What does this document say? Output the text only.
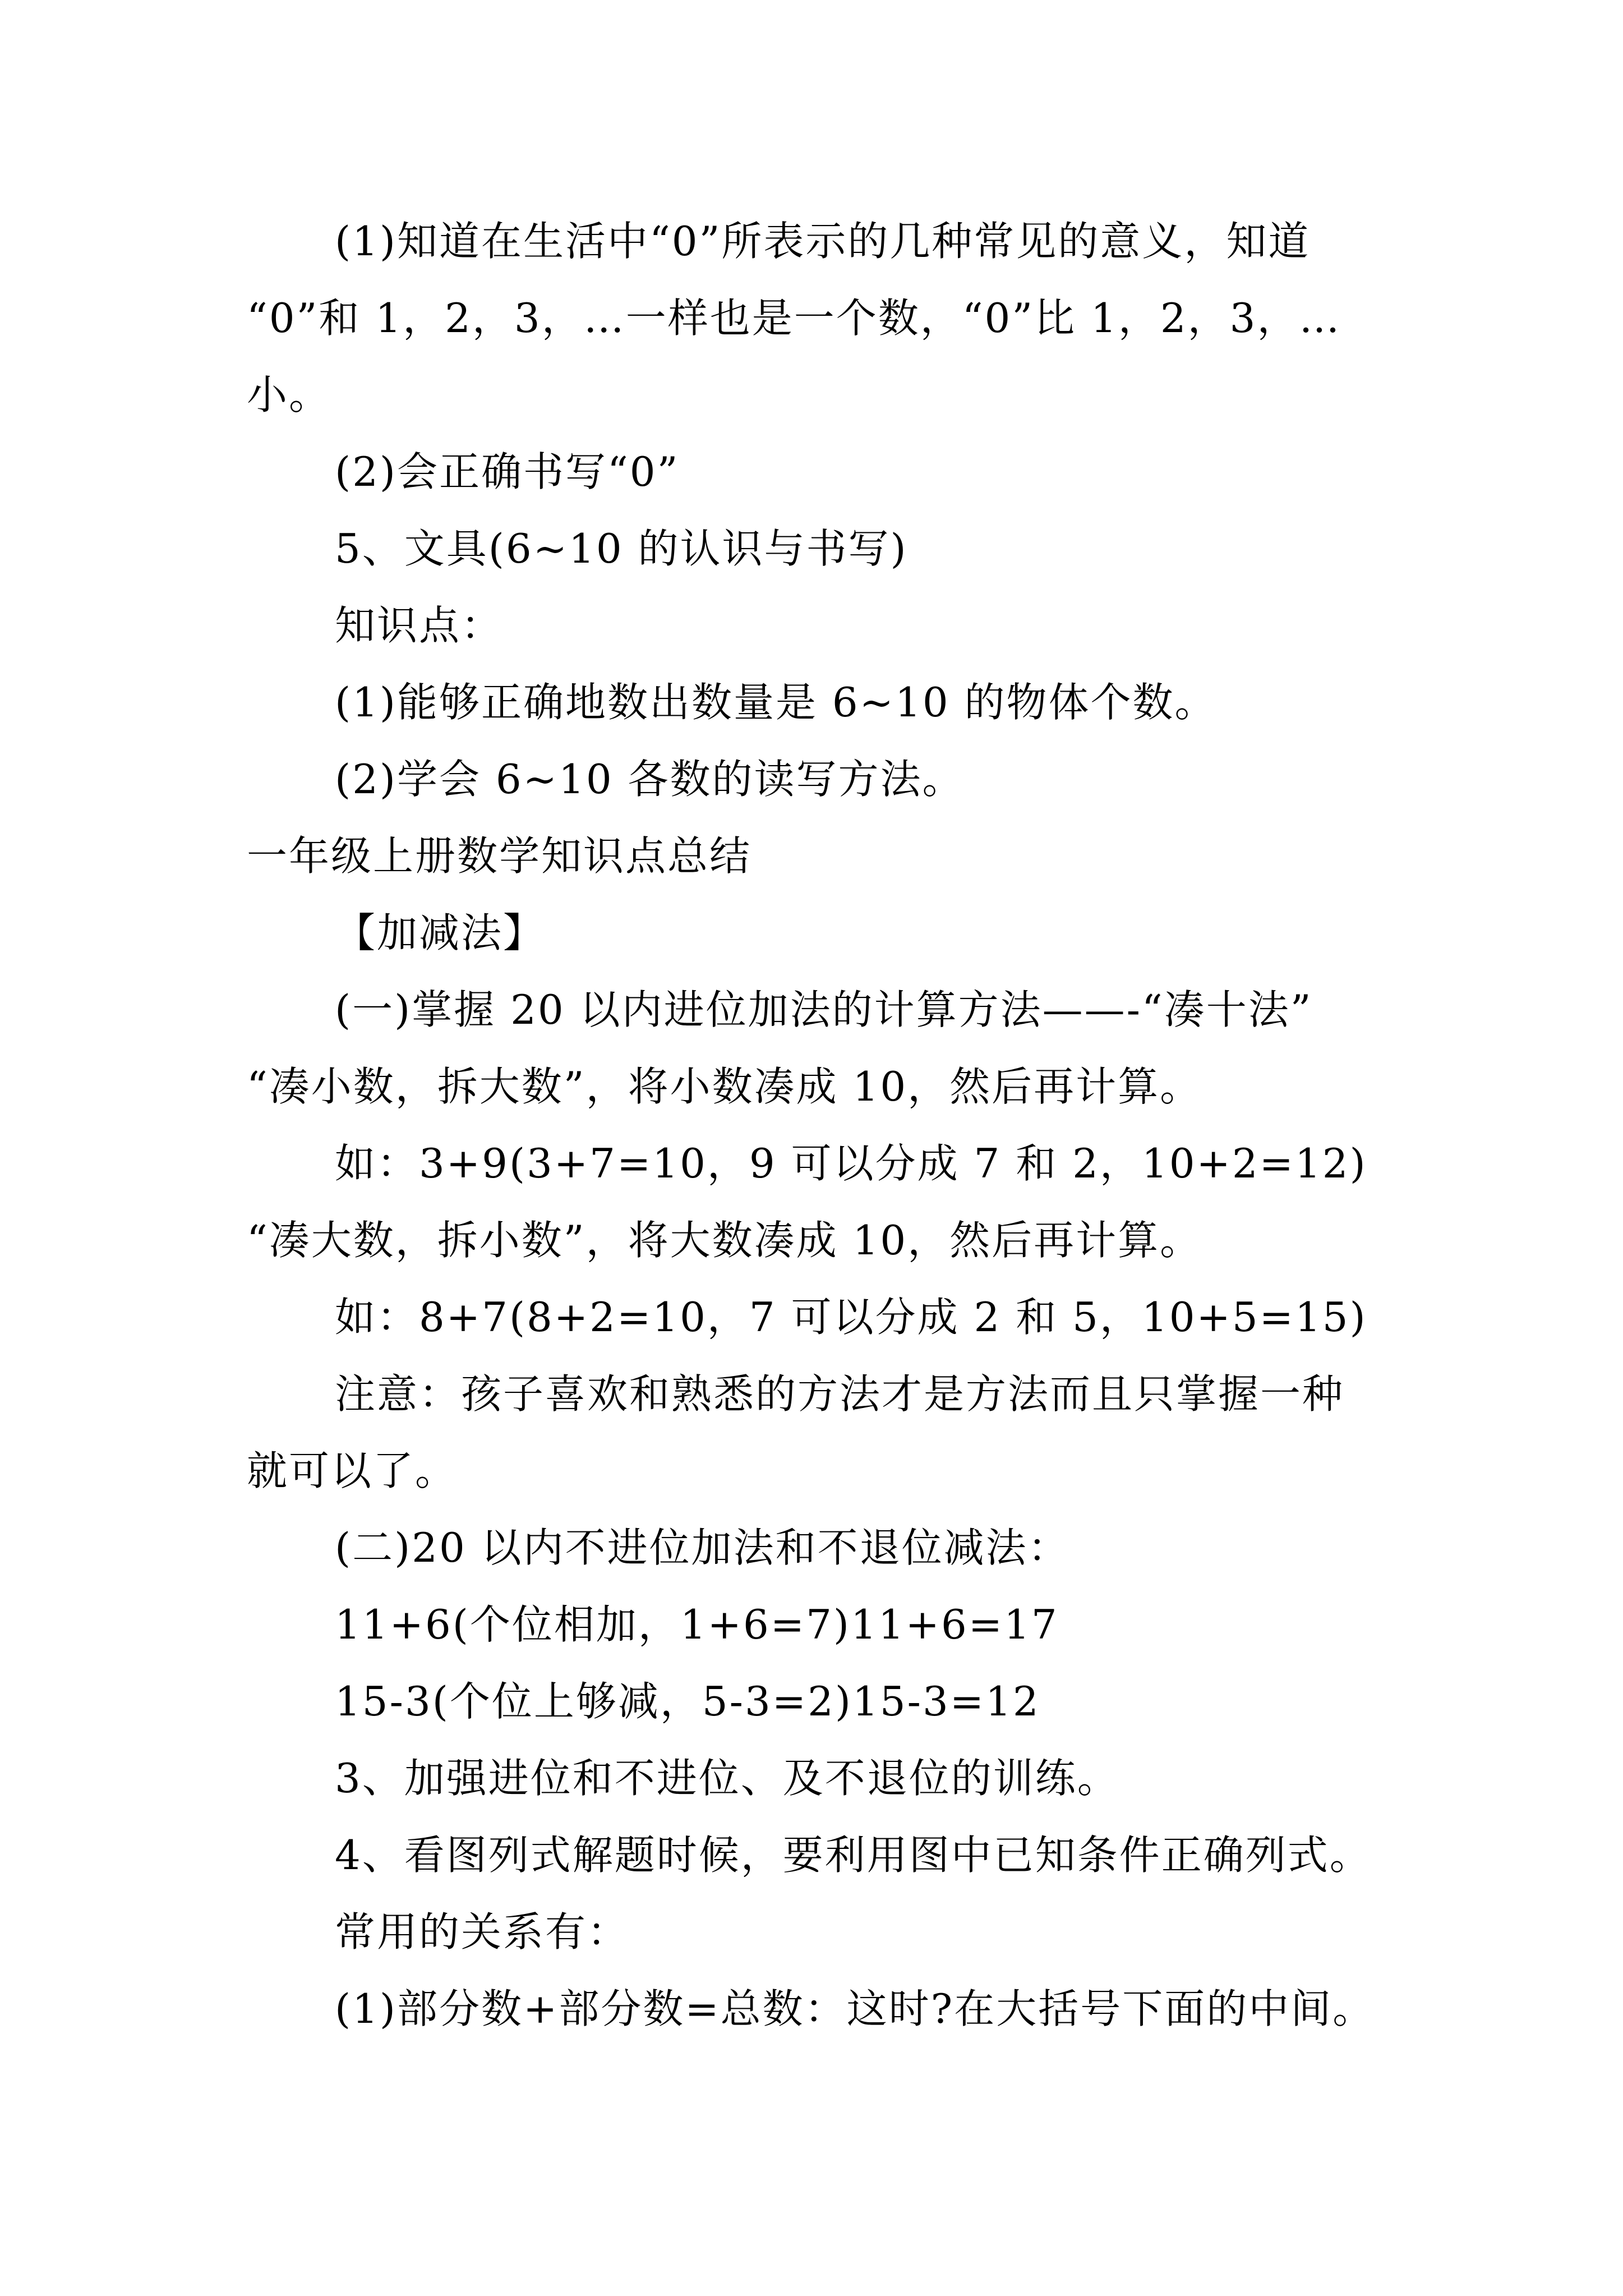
(1)知道在生活中“0”所表示的几种常见的意义，知道
“0”和 1，2，3，…一样也是一个数，“0”比 1，2，3，…
小。
(2)会正确书写“0”
5、文具(6~10 的认识与书写)
知识点：
(1)能够正确地数出数量是 6~10 的物体个数。
(2)学会 6~10 各数的读写方法。
一年级上册数学知识点总结
【加减法】
(一)掌握 20 以内进位加法的计算方法——-“凑十法”
“凑小数，拆大数”，将小数凑成 10，然后再计算。
如：3+9(3+7=10，9 可以分成 7 和 2，10+2=12)
“凑大数，拆小数”，将大数凑成 10，然后再计算。
如：8+7(8+2=10，7 可以分成 2 和 5，10+5=15)
注意：孩子喜欢和熟悉的方法才是方法而且只掌握一种
就可以了。
(二)20 以内不进位加法和不退位减法：
11+6(个位相加，1+6=7)11+6=17
15-3(个位上够减，5-3=2)15-3=12
3、加强进位和不进位、及不退位的训练。
4、看图列式解题时候，要利用图中已知条件正确列式。
常用的关系有：
(1)部分数+部分数=总数：这时?在大括号下面的中间。
